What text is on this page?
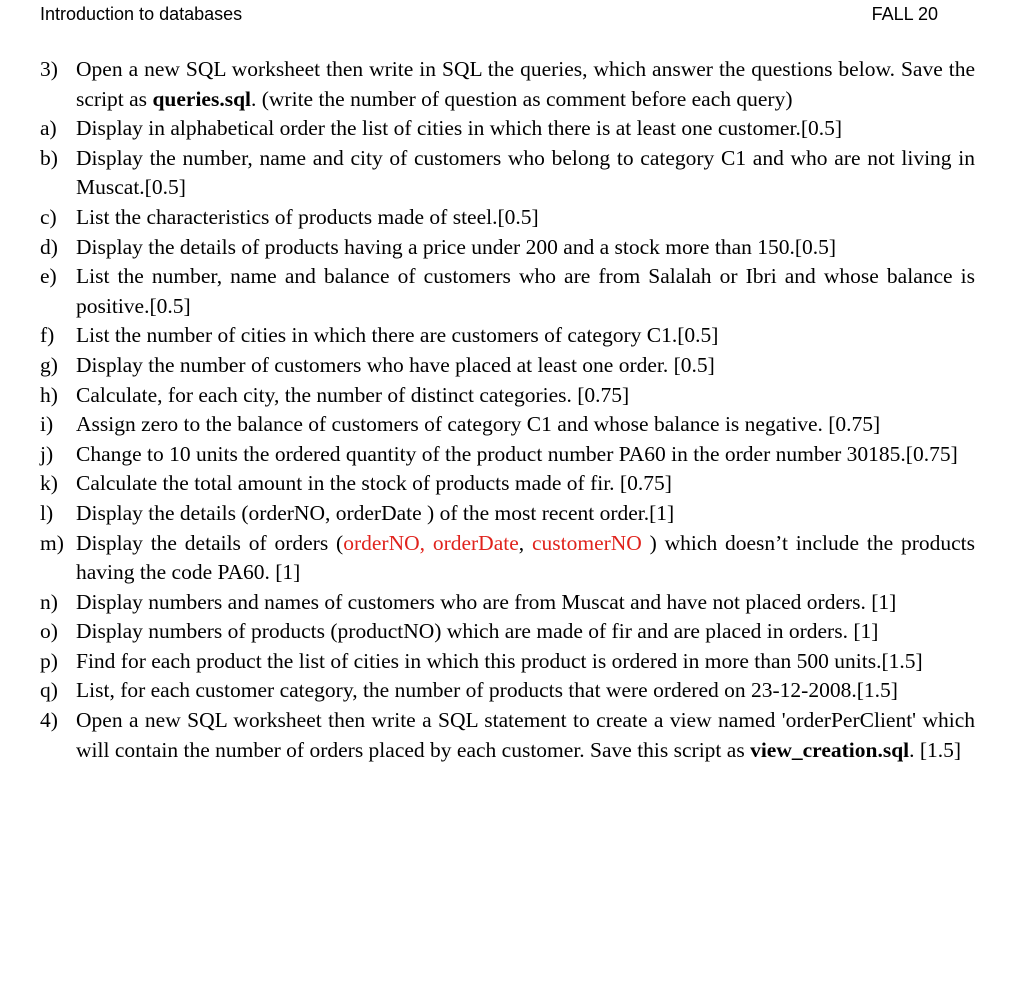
Introduction to databases	FALL 20
3) Open a new SQL worksheet then write in SQL the queries, which answer the questions below. Save the script as queries.sql. (write the number of question as comment before each query)
a) Display in alphabetical order the list of cities in which there is at least one customer.[0.5]
b) Display the number, name and city of customers who belong to category C1 and who are not living in Muscat.[0.5]
c) List the characteristics of products made of steel.[0.5]
d) Display the details of products having a price under 200 and a stock more than 150.[0.5]
e) List the number, name and balance of customers who are from Salalah or Ibri and whose balance is positive.[0.5]
f)	List the number of cities in which there are customers of category C1.[0.5]
g) Display the number of customers who have placed at least one order. [0.5]
h) Calculate, for each city, the number of distinct categories. [0.75]
i)	Assign zero to the balance of customers of category C1 and whose balance is negative. [0.75]
j)	Change to 10 units the ordered quantity of the product number PA60 in the order number 30185.[0.75]
k) Calculate the total amount in the stock of products made of fir. [0.75]
l)	Display the details (orderNO, orderDate ) of the most recent order.[1]
m) Display the details of orders (orderNO, orderDate, customerNO ) which doesn’t include the products having the code PA60. [1]
n) Display numbers and names of customers who are from Muscat and have not placed orders. [1]
o) Display numbers of products (productNO) which are made of fir and are placed in orders. [1]
p) Find for each product the list of cities in which this product is ordered in more than 500 units.[1.5]
q) List, for each customer category, the number of products that were ordered on 23-12-2008.[1.5]
4) Open a new SQL worksheet then write a SQL statement to create a view named 'orderPerClient' which will contain the number of orders placed by each customer. Save this script as view_creation.sql. [1.5]
